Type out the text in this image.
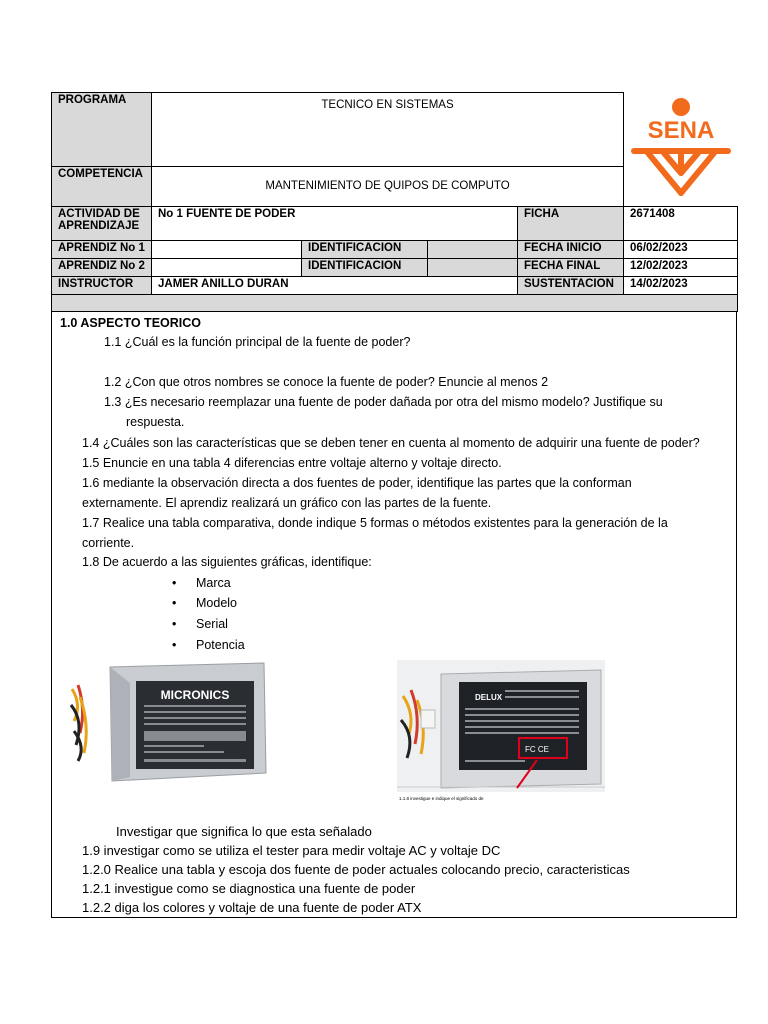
PROGRAMA	TECNICO EN SISTEMAS				SENA

COMPETENCIA	MANTENIMIENTO DE QUIPOS DE COMPUTO				

ACTIVIDAD DE
APRENDIZAJE	No 1 FUENTE DE PODER			FICHA	2671408
APRENDIZ No 1		IDENTIFICACION		FECHA INICIO	06/02/2023
APRENDIZ No 2		IDENTIFICACION		FECHA FINAL	12/02/2023
INSTRUCTOR	JAMER ANILLO DURAN			SUSTENTACION	14/02/2023

1.0 ASPECTO TEORICO
1.1 ¿Cuál es la función principal de la fuente de poder?
1.2 ¿Con que otros nombres se conoce la fuente de poder? Enuncie al menos 2
1.3 ¿Es necesario reemplazar una fuente de poder dañada por otra del mismo modelo? Justifique su
respuesta.
1.4 ¿Cuáles son las características que se deben tener en cuenta al momento de adquirir una fuente de poder?
1.5 Enuncie en una tabla 4 diferencias entre voltaje alterno y voltaje directo.
1.6 mediante la observación directa a dos fuentes de poder, identifique las partes que la conforman
externamente. El aprendiz realizará un gráfico con las partes de la fuente.
1.7 Realice una tabla comparativa, donde indique 5 formas o métodos existentes para la generación de la
corriente.
1.8 De acuerdo a las siguientes gráficas, identifique:
• Marca
• Modelo
• Serial
• Potencia
MICRONICS	DELUX
FC CE
1.1.8 investigue e indique el significado de
Investigar que significa lo que esta señalado
1.9 investigar como se utiliza el tester para medir voltaje AC y voltaje DC
1.2.0 Realice una tabla y escoja dos fuente de poder actuales colocando precio, caracteristicas
1.2.1 investigue como se diagnostica una fuente de poder
1.2.2 diga los colores y voltaje de una fuente de poder ATX
